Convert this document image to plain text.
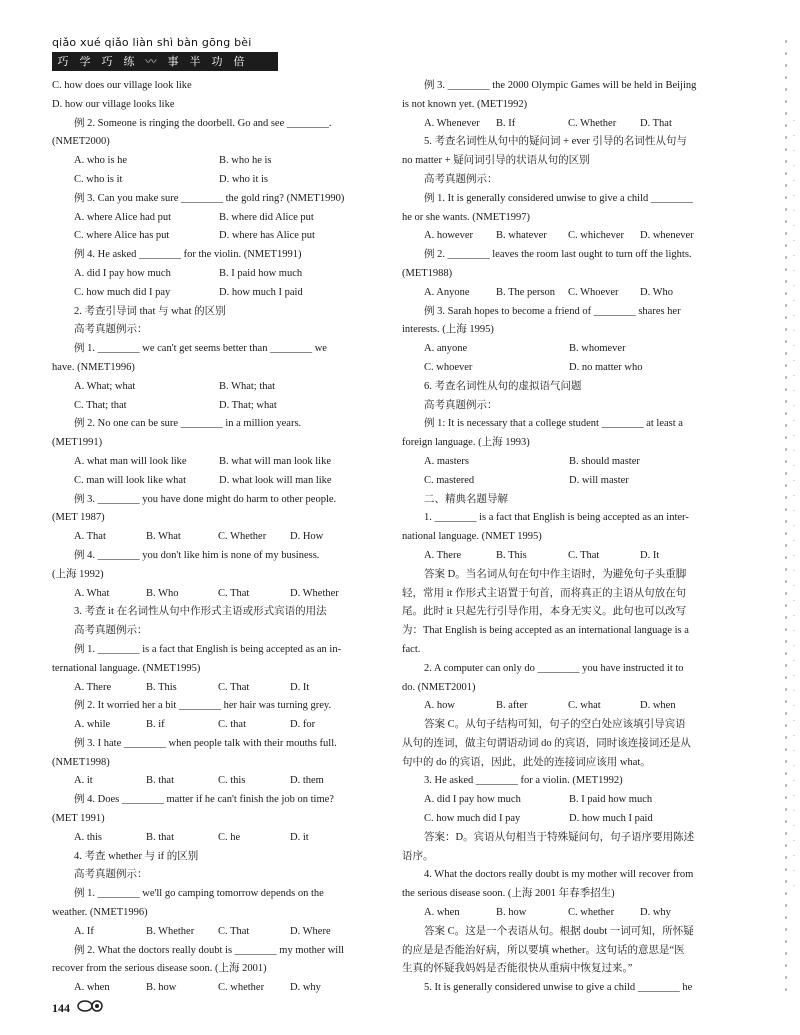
qiǎo xué qiǎo liàn shì bàn gōng bèi
巧 学 巧 练 〰 事 半 功 倍
C. how does our village look like
D. how our village looks like
例 2. Someone is ringing the doorbell. Go and see ________.
(NMET2000)
A. who is he	B. who he is
C. who is it	D. who it is
例 3. Can you make sure ________ the gold ring? (NMET1990)
A. where Alice had put	B. where did Alice put
C. where Alice has put	D. where has Alice put
例 4. He asked ________ for the violin. (NMET1991)
A. did I pay how much	B. I paid how much
C. how much did I pay	D. how much I paid
2. 考查引导词 that 与 what 的区别
高考真题例示：
例 1. ________ we can't get seems better than ________ we
have. (NMET1996)
A. What; what	B. What; that
C. That; that	D. That; what
例 2. No one can be sure ________ in a million years.
(MET1991)
A. what man will look like	B. what will man look like
C. man will look like what	D. what look will man like
例 3. ________ you have done might do harm to other people.
(MET 1987)
A. That	B. What	C. Whether	D. How
例 4. ________ you don't like him is none of my business.
(上海 1992)
A. What	B. Who	C. That	D. Whether
3. 考查 it 在名词性从句中作形式主语或形式宾语的用法
高考真题例示：
例 1. ________ is a fact that English is being accepted as an in-
ternational language. (NMET1995)
A. There	B. This	C. That	D. It
例 2. It worried her a bit ________ her hair was turning grey.
A. while	B. if	C. that	D. for
例 3. I hate ________ when people talk with their mouths full.
(NMET1998)
A. it	B. that	C. this	D. them
例 4. Does ________ matter if he can't finish the job on time?
(MET 1991)
A. this	B. that	C. he	D. it
4. 考查 whether 与 if 的区别
高考真题例示：
例 1. ________ we'll go camping tomorrow depends on the
weather. (NMET1996)
A. If	B. Whether	C. That	D. Where
例 2. What the doctors really doubt is ________ my mother will
recover from the serious disease soon. (上海 2001)
A. when	B. how	C. whether	D. why
例 3. ________ the 2000 Olympic Games will be held in Beijing
is not known yet. (MET1992)
A. Whenever	B. If	C. Whether	D. That
5. 考查名词性从句中的疑问词 + ever 引导的名词性从句与
no matter + 疑问词引导的状语从句的区别
高考真题例示：
例 1. It is generally considered unwise to give a child ________
he or she wants. (NMET1997)
A. however	B. whatever	C. whichever	D. whenever
例 2. ________ leaves the room last ought to turn off the lights.
(MET1988)
A. Anyone	B. The person	C. Whoever	D. Who
例 3. Sarah hopes to become a friend of ________ shares her
interests. (上海 1995)
A. anyone	B. whomever
C. whoever	D. no matter who
6. 考查名词性从句的虚拟语气问题
高考真题例示：
例 1: It is necessary that a college student ________ at least a
foreign language. (上海 1993)
A. masters	B. should master
C. mastered	D. will master
二、精典名题导解
1. ________ is a fact that English is being accepted as an inter-
national language. (NMET 1995)
A. There	B. This	C. That	D. It
答案 D。当名词从句在句中作主语时，为避免句子头重脚
轻，常用 it 作形式主语置于句首，而将真正的主语从句放在句
尾。此时 it 只起先行引导作用，本身无实义。此句也可以改写
为：That English is being accepted as an international language is a
fact.
2. A computer can only do ________ you have instructed it to
do. (NMET2001)
A. how	B. after	C. what	D. when
答案 C。从句子结构可知，句子的空白处应该填引导宾语
从句的连词，做主句谓语动词 do 的宾语，同时该连接词还是从
句中的 do 的宾语，因此，此处的连接词应该用 what。
3. He asked ________ for a violin. (MET1992)
A. did I pay how much	B. I paid how much
C. how much did I pay	D. how much I paid
答案：D。宾语从句相当于特殊疑问句，句子语序要用陈述
语序。
4. What the doctors really doubt is my mother will recover from
the serious disease soon. (上海 2001 年春季招生)
A. when	B. how	C. whether	D. why
答案 C。这是一个表语从句。根据 doubt 一词可知，所怀疑
的应是是否能治好病，所以要填 whether。这句话的意思是“医
生真的怀疑我妈妈是否能很快从重病中恢复过来。”
5. It is generally considered unwise to give a child ________ he
144
